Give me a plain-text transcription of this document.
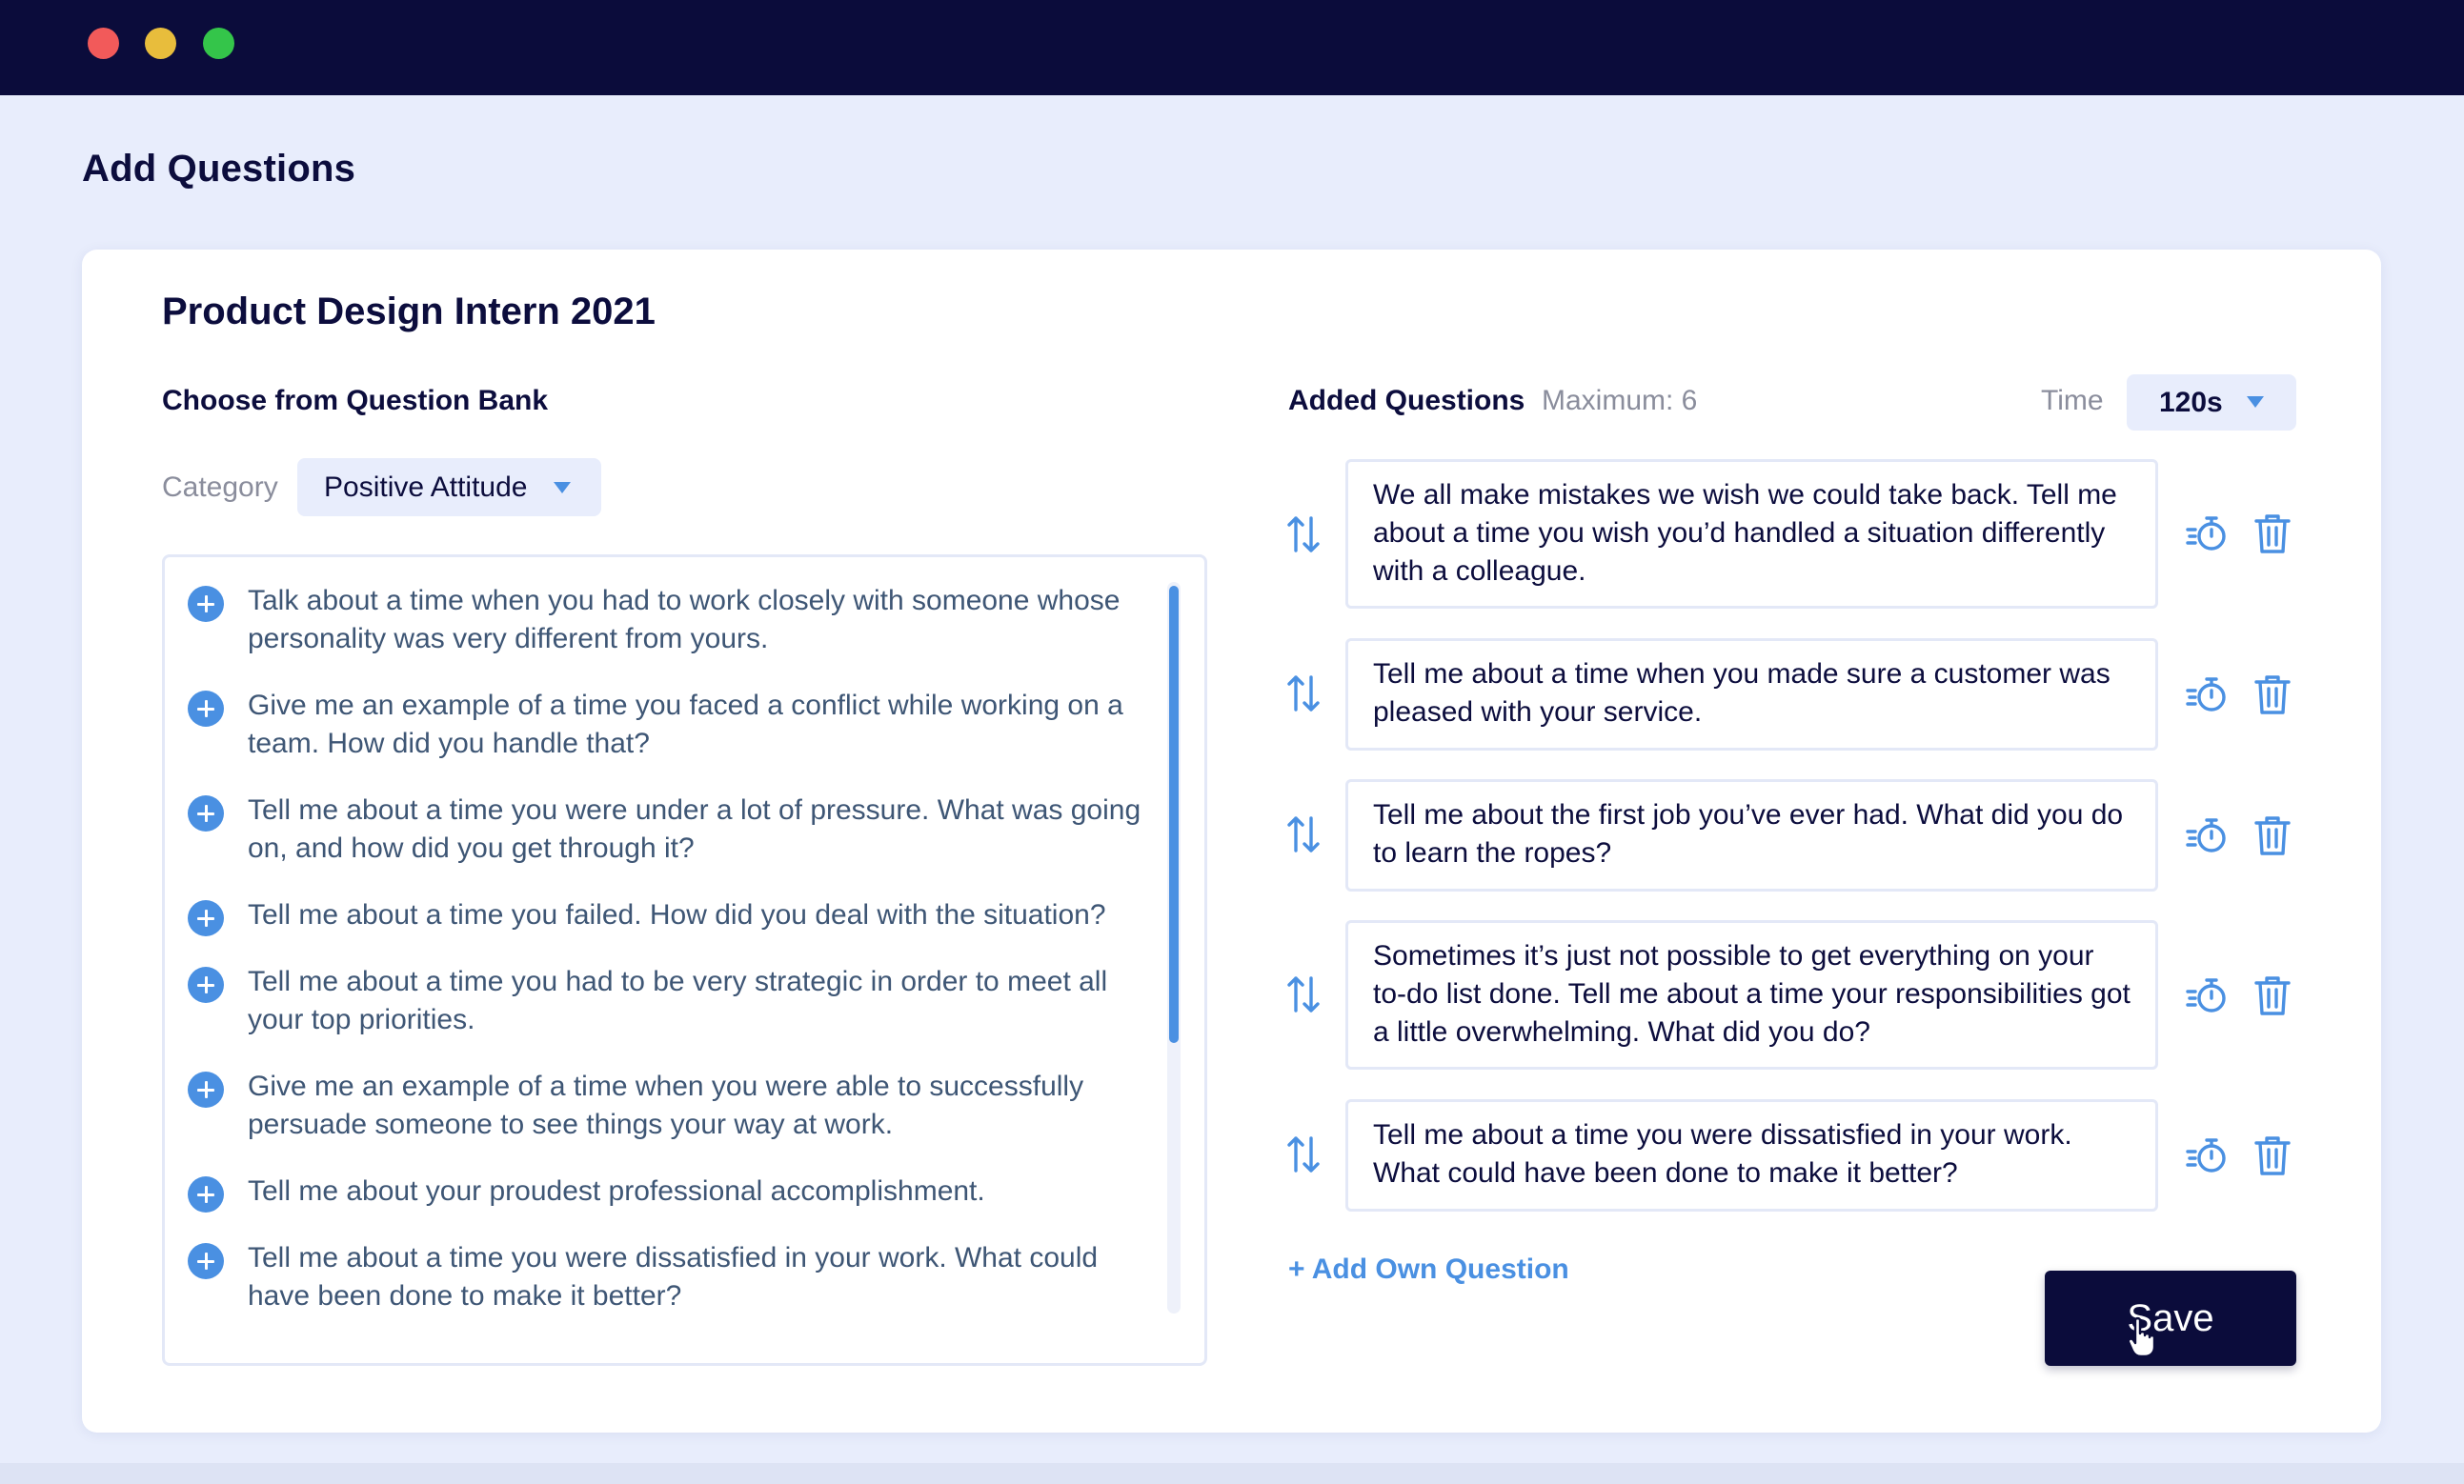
Add Questions
Product Design Intern 2021
Choose from Question Bank
Category Positive Attitude
Talk about a time when you had to work closely with someone whose personality was very different from yours.
Give me an example of a time you faced a conflict while working on a team. How did you handle that?
Tell me about a time you were under a lot of pressure. What was going on, and how did you get through it?
Tell me about a time you failed. How did you deal with the situation?
Tell me about a time you had to be very strategic in order to meet all your top priorities.
Give me an example of a time when you were able to successfully persuade someone to see things your way at work.
Tell me about your proudest professional accomplishment.
Tell me about a time you were dissatisfied in your work. What could have been done to make it better?
Added Questions Maximum: 6	Time 120s
We all make mistakes we wish we could take back. Tell me about a time you wish you’d handled a situation differently with a colleague.
Tell me about a time when you made sure a customer was pleased with your service.
Tell me about the first job you’ve ever had. What did you do to learn the ropes?
Sometimes it’s just not possible to get everything on your to-do list done. Tell me about a time your responsibilities got a little overwhelming. What did you do?
Tell me about a time you were dissatisfied in your work. What could have been done to make it better?
+ Add Own Question
Save
